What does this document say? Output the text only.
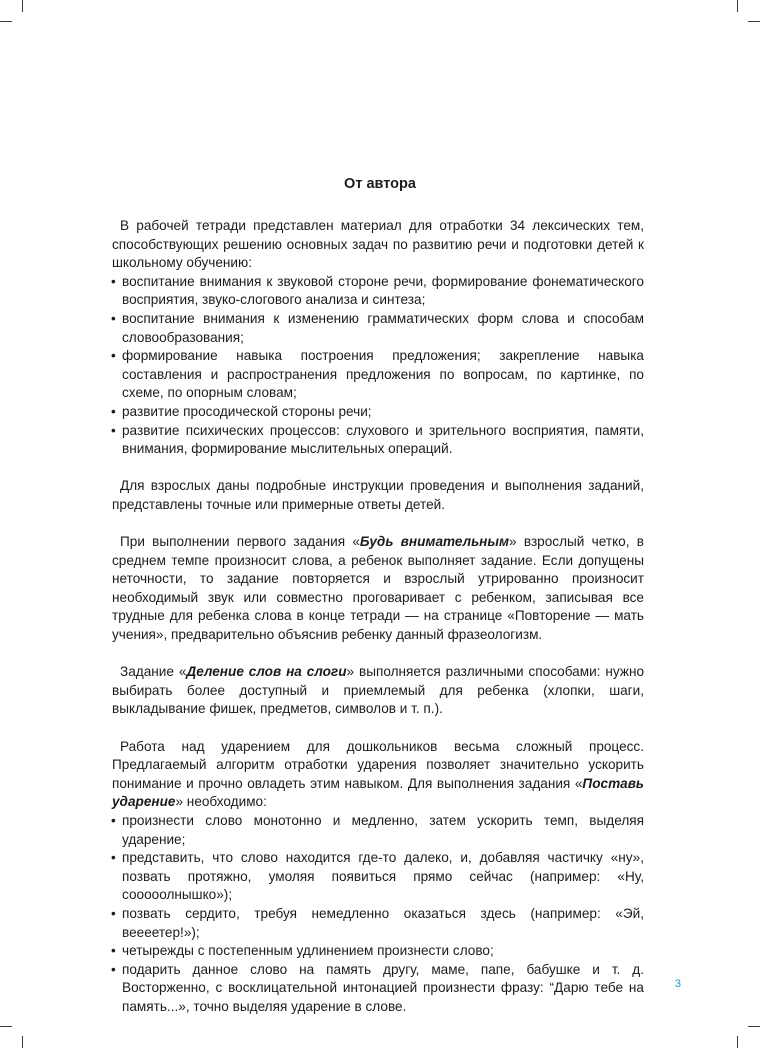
От автора

В рабочей тетради представлен материал для отработки 34 лексических тем, способствующих решению основных задач по развитию речи и подготовки детей к школьному обучению:

• воспитание внимания к звуковой стороне речи, формирование фонематического восприятия, звуко-слогового анализа и синтеза;
• воспитание внимания к изменению грамматических форм слова и способам словообразования;
• формирование навыка построения предложения; закрепление навыка составления и распространения предложения по вопросам, по картинке, по схеме, по опорным словам;
• развитие просодической стороны речи;
• развитие психических процессов: слухового и зрительного восприятия, памяти, внимания, формирование мыслительных операций.

Для взрослых даны подробные инструкции проведения и выполнения заданий, представлены точные или примерные ответы детей.

При выполнении первого задания «Будь внимательным» взрослый четко, в среднем темпе произносит слова, а ребенок выполняет задание. Если допущены неточности, то задание повторяется и взрослый утрированно произносит необходимый звук или совместно проговаривает с ребенком, записывая все трудные для ребенка слова в конце тетради — на странице «Повторение — мать учения», предварительно объяснив ребенку данный фразеологизм.

Задание «Деление слов на слоги» выполняется различными способами: нужно выбирать более доступный и приемлемый для ребенка (хлопки, шаги, выкладывание фишек, предметов, символов и т. п.).

Работа над ударением для дошкольников весьма сложный процесс. Предлагаемый алгоритм отработки ударения позволяет значительно ускорить понимание и прочно овладеть этим навыком. Для выполнения задания «Поставь ударение» необходимо:

• произнести слово монотонно и медленно, затем ускорить темп, выделяя ударение;
• представить, что слово находится где-то далеко, и, добавляя частичку «ну», позвать протяжно, умоляя появиться прямо сейчас (например: «Ну, сооооолнышко»);
• позвать сердито, требуя немедленно оказаться здесь (например: «Эй, веееетер!»);
• четырежды с постепенным удлинением произнести слово;
• подарить данное слово на память другу, маме, папе, бабушке и т. д. Восторженно, с восклицательной интонацией произнести фразу: “Дарю тебе на память...», точно выделяя ударение в слове.

3
